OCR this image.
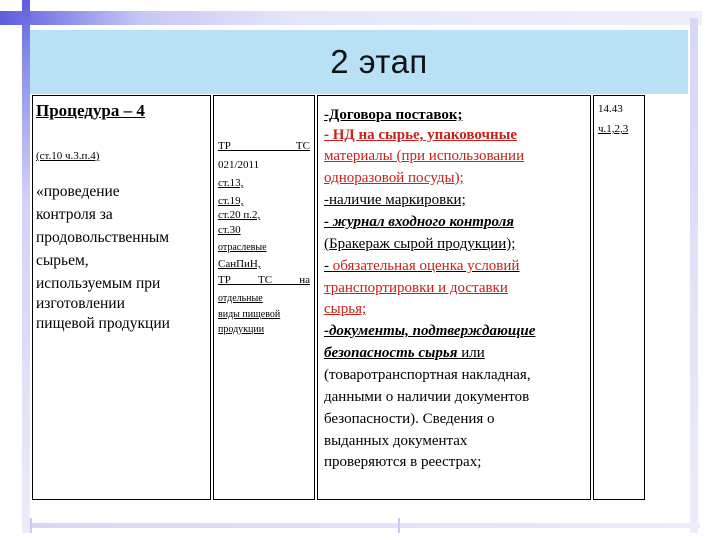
2 этап
Процедура – 4
(ст.10 ч.3.п.4)
«проведение
контроля за
продовольственным
сырьем,
используемым при
изготовлении
пищевой продукции
ТР ТС
021/2011
ст.13,
ст.19,
ст.20 п.2,
ст.30
отраслевые
СанПиН,
ТР ТС на
отдельные
виды пищевой
продукции
-Договора поставок;
- НД на сырье, упаковочные
материалы (при использовании
одноразовой посуды);
-наличие маркировки;
- журнал входного контроля
(Бракераж сырой продукции);
- обязательная оценка условий
транспортировки и доставки
сырья;
-документы, подтверждающие
безопасность сырья или
(товаротранспортная накладная,
данными о наличии документов
безопасности). Сведения о
выданных документах
проверяются в реестрах;
14.43
ч.1,2,3
